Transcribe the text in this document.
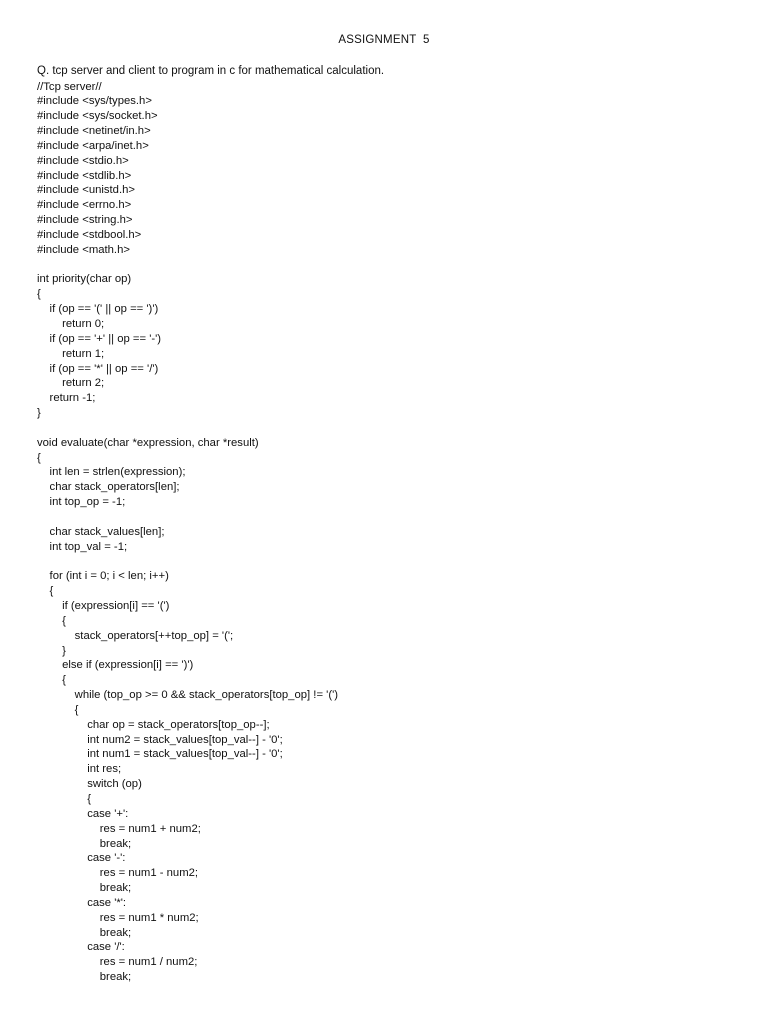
ASSIGNMENT  5
Q. tcp server and client to program in c for mathematical calculation.
//Tcp server//
#include <sys/types.h>
#include <sys/socket.h>
#include <netinet/in.h>
#include <arpa/inet.h>
#include <stdio.h>
#include <stdlib.h>
#include <unistd.h>
#include <errno.h>
#include <string.h>
#include <stdbool.h>
#include <math.h>
int priority(char op)
{
if (op == '(' || op == ')')
return 0;
if (op == '+' || op == '-')
return 1;
if (op == '*' || op == '/')
return 2;
return -1;
}
void evaluate(char *expression, char *result)
{
int len = strlen(expression);
char stack_operators[len];
int top_op = -1;
char stack_values[len];
int top_val = -1;
for (int i = 0; i < len; i++)
{
if (expression[i] == '(')
{
stack_operators[++top_op] = '(';
}
else if (expression[i] == ')')
{
while (top_op >= 0 && stack_operators[top_op] != '(')
{
char op = stack_operators[top_op--];
int num2 = stack_values[top_val--] - '0';
int num1 = stack_values[top_val--] - '0';
int res;
switch (op)
{
case '+':
res = num1 + num2;
break;
case '-':
res = num1 - num2;
break;
case '*':
res = num1 * num2;
break;
case '/':
res = num1 / num2;
break;
